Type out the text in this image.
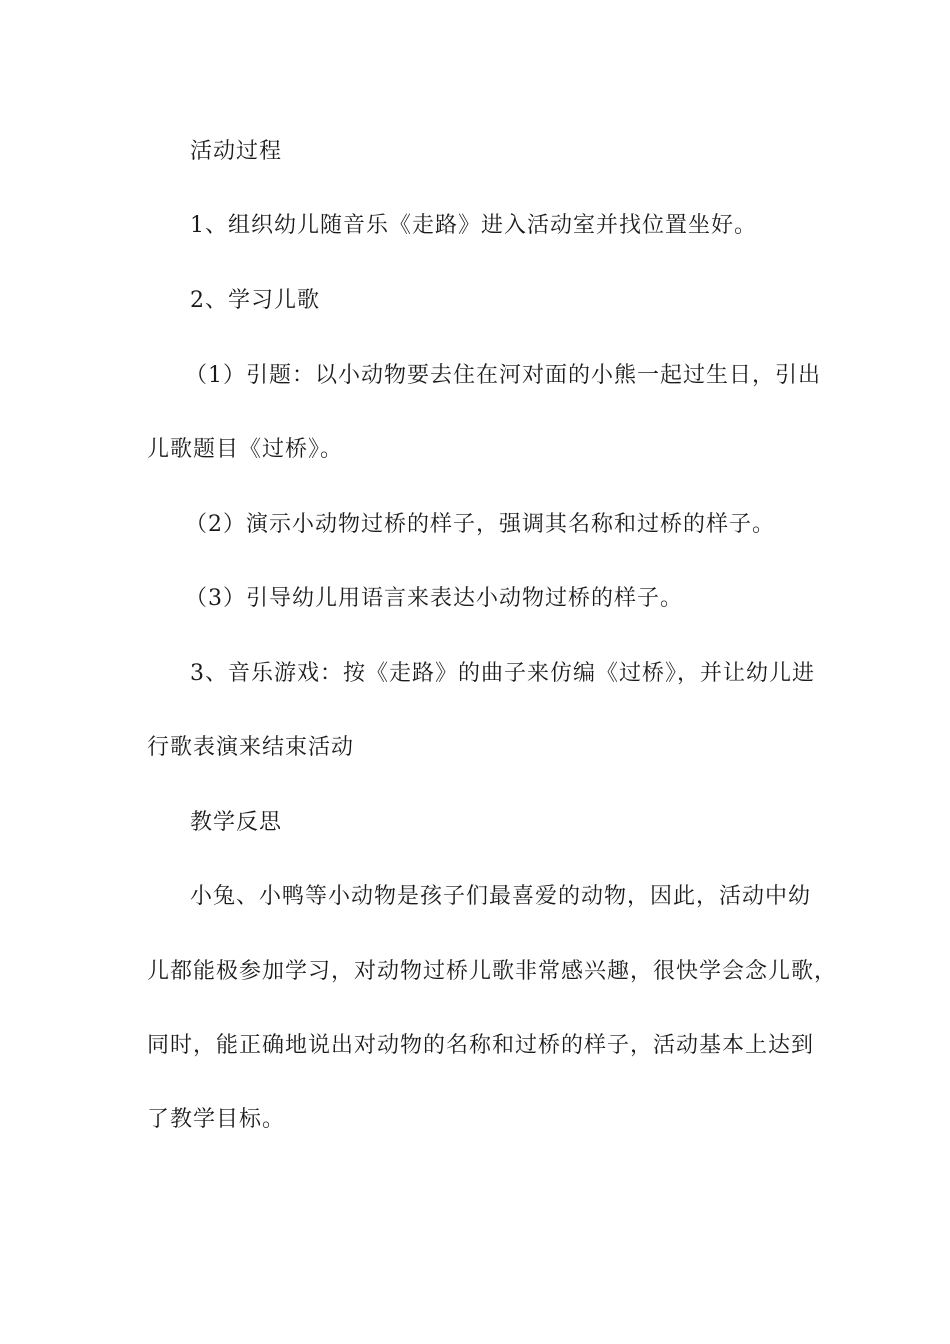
活动过程
1、组织幼儿随音乐《走路》进入活动室并找位置坐好。
2、学习儿歌
（1）引题：以小动物要去住在河对面的小熊一起过生日，引出
儿歌题目《过桥》。
（2）演示小动物过桥的样子，强调其名称和过桥的样子。
（3）引导幼儿用语言来表达小动物过桥的样子。
3、音乐游戏：按《走路》的曲子来仿编《过桥》，并让幼儿进
行歌表演来结束活动
教学反思
小兔、小鸭等小动物是孩子们最喜爱的动物，因此，活动中幼
儿都能极参加学习，对动物过桥儿歌非常感兴趣，很快学会念儿歌，
同时，能正确地说出对动物的名称和过桥的样子，活动基本上达到
了教学目标。
